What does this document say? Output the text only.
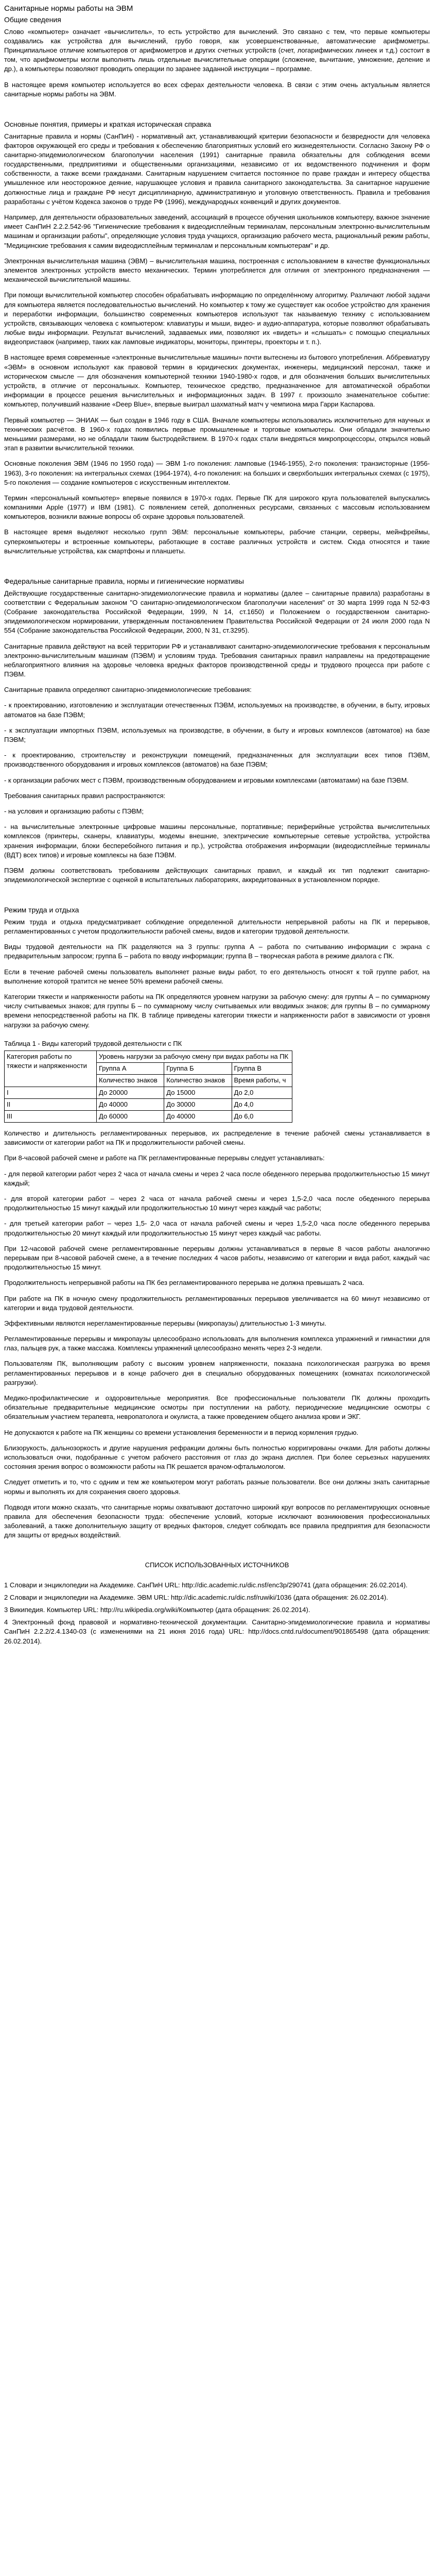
Санитарные нормы работы на ЭВМ
Общие сведения

Слово «компьютер» означает «вычислитель», то есть устройство для вычислений. Это связано с тем, что первые компьютеры создавались как устройства для вычислений, грубо говоря, как усовершенствованные, автоматические арифмометры. Принципиальное отличие компьютеров от арифмометров и других счетных устройств (счет, логарифмических линеек и т.д.) состоит в том, что арифмометры могли выполнять лишь отдельные вычислительные операции (сложение, вычитание, умножение, деление и др.), а компьютеры позволяют проводить операции по заранее заданной инструкции – программе.

В настоящее время компьютер используется во всех сферах деятельности человека. В связи с этим очень актуальным является санитарные нормы работы на ЭВМ.

Основные понятия, примеры и краткая историческая справка

Санитарные правила и нормы (СанПиН) - нормативный акт, устанавливающий критерии безопасности и безвредности для человека факторов окружающей его среды и требования к обеспечению благоприятных условий его жизнедеятельности. Согласно Закону РФ о санитарно-эпидемиологическом благополучии населения (1991) санитарные правила обязательны для соблюдения всеми государственными, предприятиями и общественными организациями, независимо от их ведомственного подчинения и форм собственности, а также всеми гражданами. Санитарным нарушением считается постоянное по праве граждан и интересу общества умышленное или неосторожное деяние, нарушающее условия и правила санитарного законодательства. За санитарное нарушение должностные лица и граждане РФ несут дисциплинарную, административную и уголовную ответственность. Правила и требования разработаны с учётом Кодекса законов о труде РФ (1996), международных конвенций и других документов.

Например, для деятельности образовательных заведений, ассоциаций в процессе обучения школьников компьютеру, важное значение имеет СанПиН 2.2.2.542-96 "Гигиенические требования к видеодисплейным терминалам, персональным электронно-вычислительным машинам и организации работы", определяющие условия труда учащихся, организацию рабочего места, рациональный режим работы, "Медицинские требования к самим видеодисплейным терминалам и персональным компьютерам" и др.

Электронная вычислительная машина (ЭВМ) – вычислительная машина, построенная с использованием в качестве функциональных элементов электронных устройств вместо механических. Термин употребляется для отличия от электронного предназначения — механической вычислительной машины.

При помощи вычислительной компьютер способен обрабатывать информацию по определённому алгоритму. Различают любой задачи для компьютера является последовательностью вычислений. Но компьютер к тому же существует как особое устройство для хранения и переработки информации, большинство современных компьютеров используют так называемую технику с использованием устройств, связывающих человека с компьютером: клавиатуры и мыши, видео- и аудио-аппаратура, которые позволяют обрабатывать любые виды информации. Результат вычислений, задаваемых ими, позволяют их «видеть» и «слышать» с помощью специальных видеоприставок (например, таких как ламповые индикаторы, мониторы, принтеры, проекторы и т. п.).

В настоящее время современные «электронные вычислительные машины» почти вытеснены из бытового употребления. Аббревиатуру «ЭВМ» в основном используют как правовой термин в юридических документах, инженеры, медицинский персонал, также и историческом смысле — для обозначения компьютерной техники 1940-1980-х годов, и для обозначения больших вычислительных устройств, в отличие от персональных. Компьютер, техническое средство, предназначенное для автоматической обработки информации в процессе решения вычислительных и информационных задач. В 1997 г. произошло знаменательное событие: компьютер, получивший название «Deep Blue», впервые выиграл шахматный матч у чемпиона мира Гарри Каспарова.

Первый компьютер — ЭНИАК — был создан в 1946 году в США. Вначале компьютеры использовались исключительно для научных и технических расчётов. В 1960-х годах появились первые промышленные и торговые компьютеры. Они обладали значительно меньшими размерами, но не обладали таким быстродействием. В 1970-х годах стали внедряться микропроцессоры, открылся новый этап в развитии вычислительной техники.

Основные поколения ЭВМ (1946 по 1950 года) — ЭВМ 1-го поколения: ламповые (1946-1955), 2-го поколения: транзисторные (1956-1963), 3-го поколения: на интегральных схемах (1964-1974), 4-го поколения: на больших и сверхбольших интегральных схемах (с 1975), 5-го поколения — создание компьютеров с искусственным интеллектом.

Термин «персональный компьютер» впервые появился в 1970-х годах. Первые ПК для широкого круга пользователей выпускались компаниями Apple (1977) и IBM (1981). С появлением сетей, дополненных ресурсами, связанных с массовым использованием компьютеров, возникли важные вопросы об охране здоровья пользователей.

В настоящее время выделяют несколько групп ЭВМ: персональные компьютеры, рабочие станции, серверы, мейнфреймы, суперкомпьютеры и встроенные компьютеры, работающие в составе различных устройств и систем. Сюда относятся и такие вычислительные устройства, как смартфоны и планшеты.

Федеральные санитарные правила, нормы и гигиенические нормативы

Действующие государственные санитарно-эпидемиологические правила и нормативы (далее – санитарные правила) разработаны в соответствии с Федеральным законом "О санитарно-эпидемиологическом благополучии населения" от 30 марта 1999 года N 52-ФЗ (Собрание законодательства Российской Федерации, 1999, N 14, ст.1650) и Положением о государственном санитарно-эпидемиологическом нормировании, утвержденным постановлением Правительства Российской Федерации от 24 июля 2000 года N 554 (Собрание законодательства Российской Федерации, 2000, N 31, ст.3295).

Санитарные правила действуют на всей территории РФ и устанавливают санитарно-эпидемиологические требования к персональным электронно-вычислительным машинам (ПЭВМ) и условиям труда. Требования санитарных правил направлены на предотвращение неблагоприятного влияния на здоровье человека вредных факторов производственной среды и трудового процесса при работе с ПЭВМ.

Санитарные правила определяют санитарно-эпидемиологические требования:

- к проектированию, изготовлению и эксплуатации отечественных ПЭВМ, используемых на производстве, в обучении, в быту, игровых автоматов на базе ПЭВМ;

- к эксплуатации импортных ПЭВМ, используемых на производстве, в обучении, в быту и игровых комплексов (автоматов) на базе ПЭВМ;

- к проектированию, строительству и реконструкции помещений, предназначенных для эксплуатации всех типов ПЭВМ, производственного оборудования и игровых комплексов (автоматов) на базе ПЭВМ;

- к организации рабочих мест с ПЭВМ, производственным оборудованием и игровыми комплексами (автоматами) на базе ПЭВМ.

Требования санитарных правил распространяются:

- на условия и организацию работы с ПЭВМ;

- на вычислительные электронные цифровые машины персональные, портативные; периферийные устройства вычислительных комплексов (принтеры, сканеры, клавиатуры, модемы внешние, электрические компьютерные сетевые устройства, устройства хранения информации, блоки бесперебойного питания и пр.), устройства отображения информации (видеодисплейные терминалы (ВДТ) всех типов) и игровые комплексы на базе ПЭВМ.

ПЭВМ должны соответствовать требованиям действующих санитарных правил, и каждый их тип подлежит санитарно-эпидемиологической экспертизе с оценкой в испытательных лабораториях, аккредитованных в установленном порядке.

Режим труда и отдыха

Режим труда и отдыха предусматривает соблюдение определенной длительности непрерывной работы на ПК и перерывов, регламентированных с учетом продолжительности рабочей смены, видов и категории трудовой деятельности.

Виды трудовой деятельности на ПК разделяются на 3 группы: группа А – работа по считыванию информации с экрана с предварительным запросом; группа Б – работа по вводу информации; группа В – творческая работа в режиме диалога с ПК.

Если в течение рабочей смены пользователь выполняет разные виды работ, то его деятельность относят к той группе работ, на выполнение которой тратится не менее 50% времени рабочей смены.

Категории тяжести и напряженности работы на ПК определяются уровнем нагрузки за рабочую смену: для группы А – по суммарному числу считываемых знаков; для группы Б – по суммарному числу считываемых или вводимых знаков; для группы В – по суммарному времени непосредственной работы на ПК. В таблице приведены категории тяжести и напряженности работ в зависимости от уровня нагрузки за рабочую смену.

Таблица 1 - Виды категорий трудовой деятельности с ПК
Категория работы по тяжести и напряженности	Уровень нагрузки за рабочую смену при видах работы на ПК		
	Группа А	Группа Б	Группа В
	Количество знаков	Количество знаков	Время работы, ч
I	До 20000	До 15000	До 2,0
II	До 40000	До 30000	До 4,0
III	До 60000	До 40000	До 6,0

Количество и длительность регламентированных перерывов, их распределение в течение рабочей смены устанавливается в зависимости от категории работ на ПК и продолжительности рабочей смены.

При 8-часовой рабочей смене и работе на ПК регламентированные перерывы следует устанавливать:

- для первой категории работ через 2 часа от начала смены и через 2 часа после обеденного перерыва продолжительностью 15 минут каждый;

- для второй категории работ – через 2 часа от начала рабочей смены и через 1,5-2,0 часа после обеденного перерыва продолжительностью 15 минут каждый или продолжительностью 10 минут через каждый час работы;

- для третьей категории работ – через 1,5- 2,0 часа от начала рабочей смены и через 1,5-2,0 часа после обеденного перерыва продолжительностью 20 минут каждый или продолжительностью 15 минут через каждый час работы.

При 12-часовой рабочей смене регламентированные перерывы должны устанавливаться в первые 8 часов работы аналогично перерывам при 8-часовой рабочей смене, а в течение последних 4 часов работы, независимо от категории и вида работ, каждый час продолжительностью 15 минут.

Продолжительность непрерывной работы на ПК без регламентированного перерыва не должна превышать 2 часа.

При работе на ПК в ночную смену продолжительность регламентированных перерывов увеличивается на 60 минут независимо от категории и вида трудовой деятельности.

Эффективными являются нерегламентированные перерывы (микропаузы) длительностью 1-3 минуты.

Регламентированные перерывы и микропаузы целесообразно использовать для выполнения комплекса упражнений и гимнастики для глаз, пальцев рук, а также массажа. Комплексы упражнений целесообразно менять через 2-3 недели.

Пользователям ПК, выполняющим работу с высоким уровнем напряженности, показана психологическая разгрузка во время регламентированных перерывов и в конце рабочего дня в специально оборудованных помещениях (комнатах психологической разгрузки).

Медико-профилактические и оздоровительные мероприятия. Все профессиональные пользователи ПК должны проходить обязательные предварительные медицинские осмотры при поступлении на работу, периодические медицинские осмотры с обязательным участием терапевта, невропатолога и окулиста, а также проведением общего анализа крови и ЭКГ.

Не допускаются к работе на ПК женщины со времени установления беременности и в период кормления грудью.

Близорукость, дальнозоркость и другие нарушения рефракции должны быть полностью корригированы очками. Для работы должны использоваться очки, подобранные с учетом рабочего расстояния от глаз до экрана дисплея. При более серьезных нарушениях состояния зрения вопрос о возможности работы на ПК решается врачом-офтальмологом.

Следует отметить и то, что с одним и тем же компьютером могут работать разные пользователи. Все они должны знать санитарные нормы и выполнять их для сохранения своего здоровья.

Подводя итоги можно сказать, что санитарные нормы охватывают достаточно широкий круг вопросов по регламентирующих основные правила для обеспечения безопасности труда: обеспечение условий, которые исключают возникновения профессиональных заболеваний, а также дополнительную защиту от вредных факторов, следует соблюдать все правила предприятия для безопасности для защиты от вредных воздействий.

СПИСОК ИСПОЛЬЗОВАННЫХ ИСТОЧНИКОВ

1 Словари и энциклопедии на Академике. СанПиН URL: http://dic.academic.ru/dic.nsf/enc3p/290741 (дата обращения: 26.02.2014).

2 Словари и энциклопедии на Академике. ЭВМ URL: http://dic.academic.ru/dic.nsf/ruwiki/1036 (дата обращения: 26.02.2014).

3 Википедия. Компьютер URL: http://ru.wikipedia.org/wiki/Компьютер (дата обращения: 26.02.2014).

4 Электронный фонд правовой и нормативно-технической документации. Санитарно-эпидемиологические правила и нормативы СанПиН 2.2.2/2.4.1340-03 (с изменениями на 21 июня 2016 года) URL: http://docs.cntd.ru/document/901865498 (дата обращения: 26.02.2014).
